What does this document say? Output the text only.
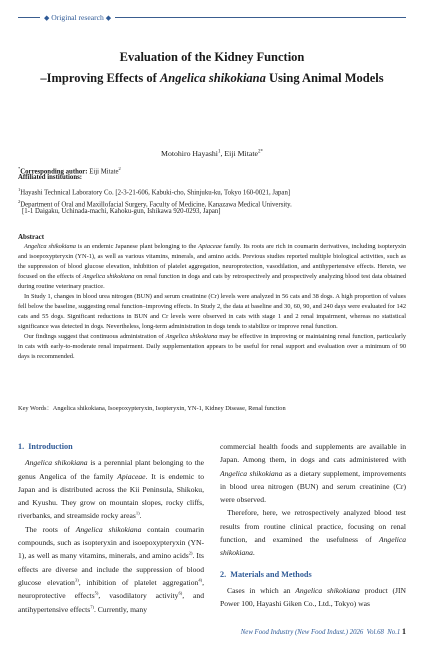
◆ Original research ◆
Evaluation of the Kidney Function
–Improving Effects of Angelica shikokiana Using Animal Models
Motohiro Hayashi$^1$, Eiji Mitate$^{2*}$
*Corresponding author: Eiji Mitate$^2$
Affiliated institutions:
$^1$Hayashi Technical Laboratory Co. [2-3-21-606, Kabuki-cho, Shinjuku-ku, Tokyo 160-0021, Japan]
$^2$Department of Oral and Maxillofacial Surgery, Faculty of Medicine, Kanazawa Medical University.
[1-1 Daigaku, Uchinada-machi, Kahoku-gun, Ishikawa 920-0293, Japan]
Abstract

Angelica shikokiana is an endemic Japanese plant belonging to the Apiaceae family. Its roots are rich in coumarin derivatives, including isopteryxin and isoepoxypteryxin (YN-1), as well as various vitamins, minerals, and amino acids. Previous studies reported multiple biological activities, such as the suppression of blood glucose elevation, inhibition of platelet aggregation, neuroprotection, vasodilation, and antihypertensive effects. Herein, we focused on the effects of Angelica shikokiana on renal function in dogs and cats by retrospectively and prospectively analyzing blood test data obtained during routine veterinary practice.

In Study 1, changes in blood urea nitrogen (BUN) and serum creatinine (Cr) levels were analyzed in 56 cats and 38 dogs. A high proportion of values fell below the baseline, suggesting renal function–improving effects. In Study 2, the data at baseline and 30, 60, 90, and 240 days were evaluated for 142 cats and 55 dogs. Significant reductions in BUN and Cr levels were observed in cats with stage 1 and 2 renal impairment, whereas no statistical significance was detected in dogs. Nevertheless, long-term administration in dogs tends to stabilize or improve renal function.

Our findings suggest that continuous administration of Angelica shikokiana may be effective in improving or maintaining renal function, particularly in cats with early-to-moderate renal impairment. Daily supplementation appears to be useful for renal support and evaluation over a minimum of 90 days is recommended.

Key Words：Angelica shikokiana, Isoepoxypteryxin, Isopteryxin, YN-1, Kidney Disease, Renal function
1. Introduction

Angelica shikokiana is a perennial plant belonging to the genus Angelica of the family Apiaceae. It is endemic to Japan and is distributed across the Kii Peninsula, Shikoku, and Kyushu. They grow on mountain slopes, rocky cliffs, riverbanks, and streamside rocky areas$^{1)}$.

The roots of Angelica shikokiana contain coumarin compounds, such as isopteryxin and isoepoxypteryxin (YN-1), as well as many vitamins, minerals, and amino acids$^{2)}$. Its effects are diverse and include the suppression of blood glucose elevation$^{3)}$, inhibition of platelet aggregation$^{4)}$, neuroprotective effects$^{5)}$, vasodilatory activity$^{6)}$, and antihypertensive effects$^{7)}$. Currently, many

commercial health foods and supplements are available in Japan. Among them, in dogs and cats administered with Angelica shikokiana as a dietary supplement, improvements in blood urea nitrogen (BUN) and serum creatinine (Cr) were observed.

Therefore, here, we retrospectively analyzed blood test results from routine clinical practice, focusing on renal function, and examined the usefulness of Angelica shikokiana.

2. Materials and Methods

Cases in which an Angelica shikokiana product (JIN Power 100, Hayashi Giken Co., Ltd., Tokyo) was

New Food Industry (New Food Indust.) 2026 Vol.68 No.1 1
